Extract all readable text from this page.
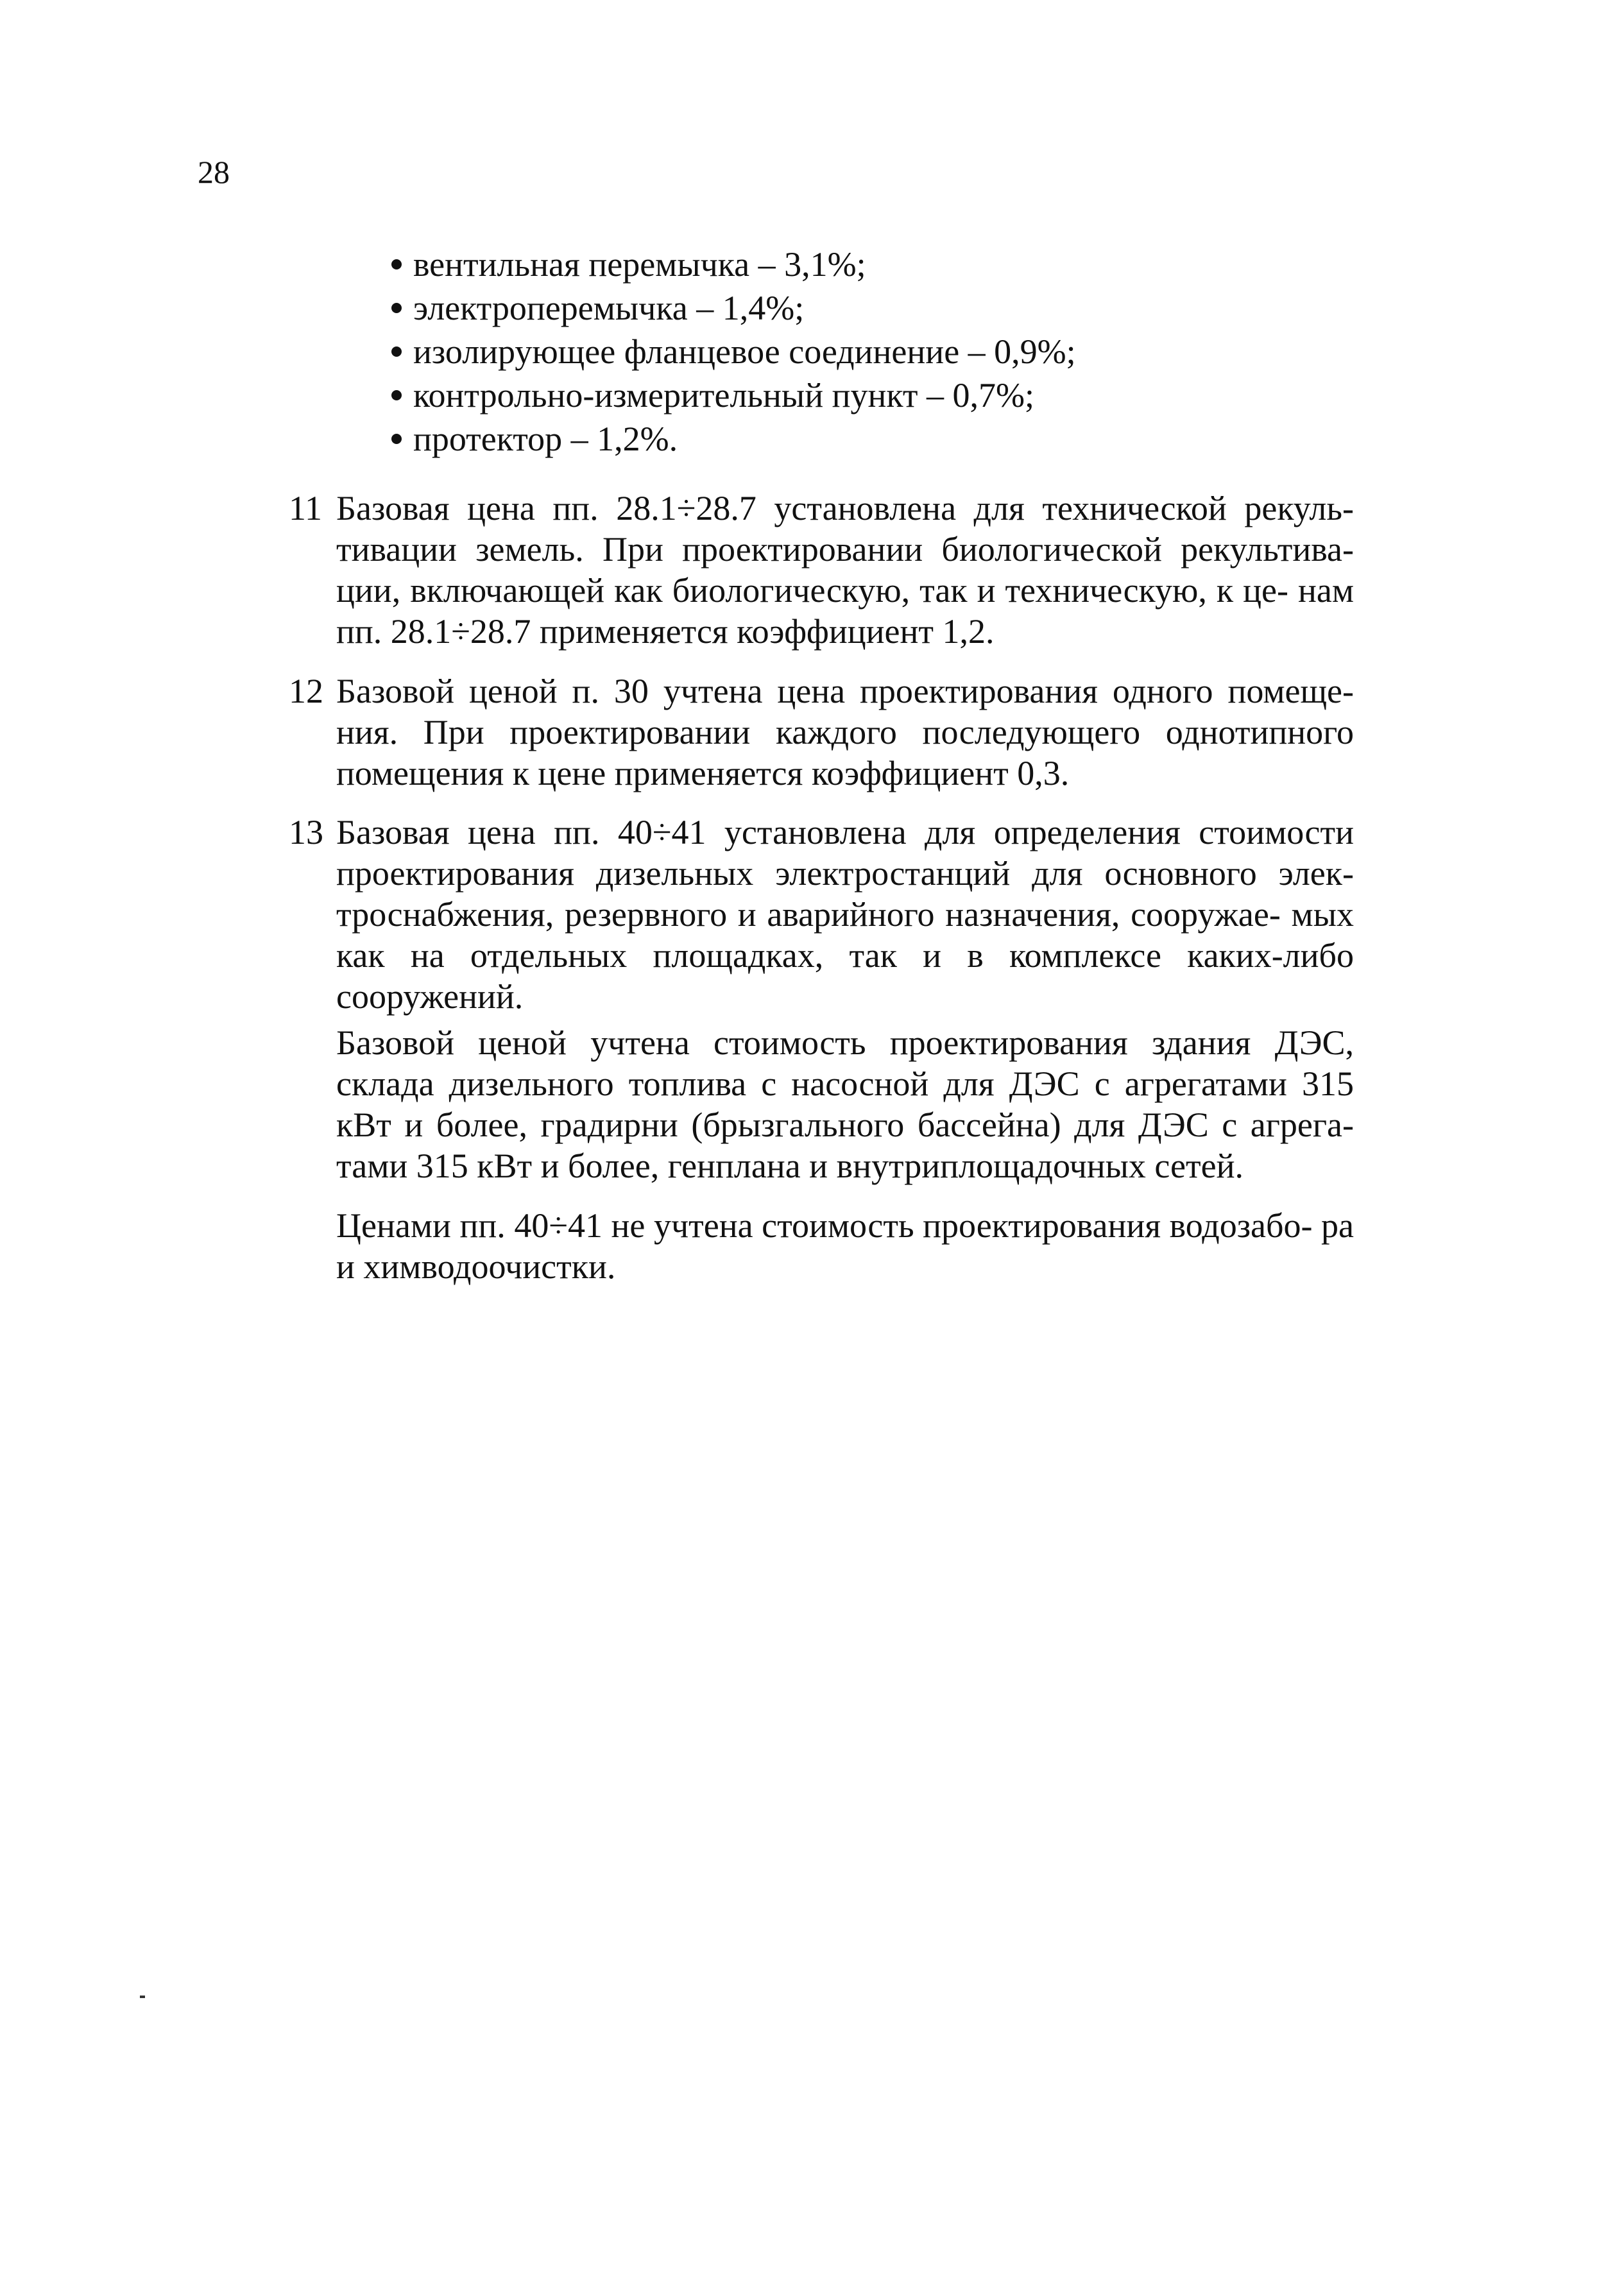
28
вентильная перемычка – 3,1%;
электроперемычка – 1,4%;
изолирующее фланцевое соединение – 0,9%;
контрольно-измерительный пункт – 0,7%;
протектор – 1,2%.
11 Базовая цена пп. 28.1÷28.7 установлена для технической рекуль- тивации земель. При проектировании биологической рекультива- ции, включающей как биологическую, так и техническую, к це- нам пп. 28.1÷28.7 применяется коэффициент 1,2.

12 Базовой ценой п. 30 учтена цена проектирования одного помеще- ния. При проектировании каждого последующего однотипного помещения к цене применяется коэффициент 0,3.

13 Базовая цена пп. 40÷41 установлена для определения стоимости проектирования дизельных электростанций для основного элек- троснабжения, резервного и аварийного назначения, сооружае- мых как на отдельных площадках, так и в комплексе каких-либо сооружений.

Базовой ценой учтена стоимость проектирования здания ДЭС, склада дизельного топлива с насосной для ДЭС с агрегатами 315 кВт и более, градирни (брызгального бассейна) для ДЭС с агрега- тами 315 кВт и более, генплана и внутриплощадочных сетей.

Ценами пп. 40÷41 не учтена стоимость проектирования водозабо- ра и химводоочистки.
